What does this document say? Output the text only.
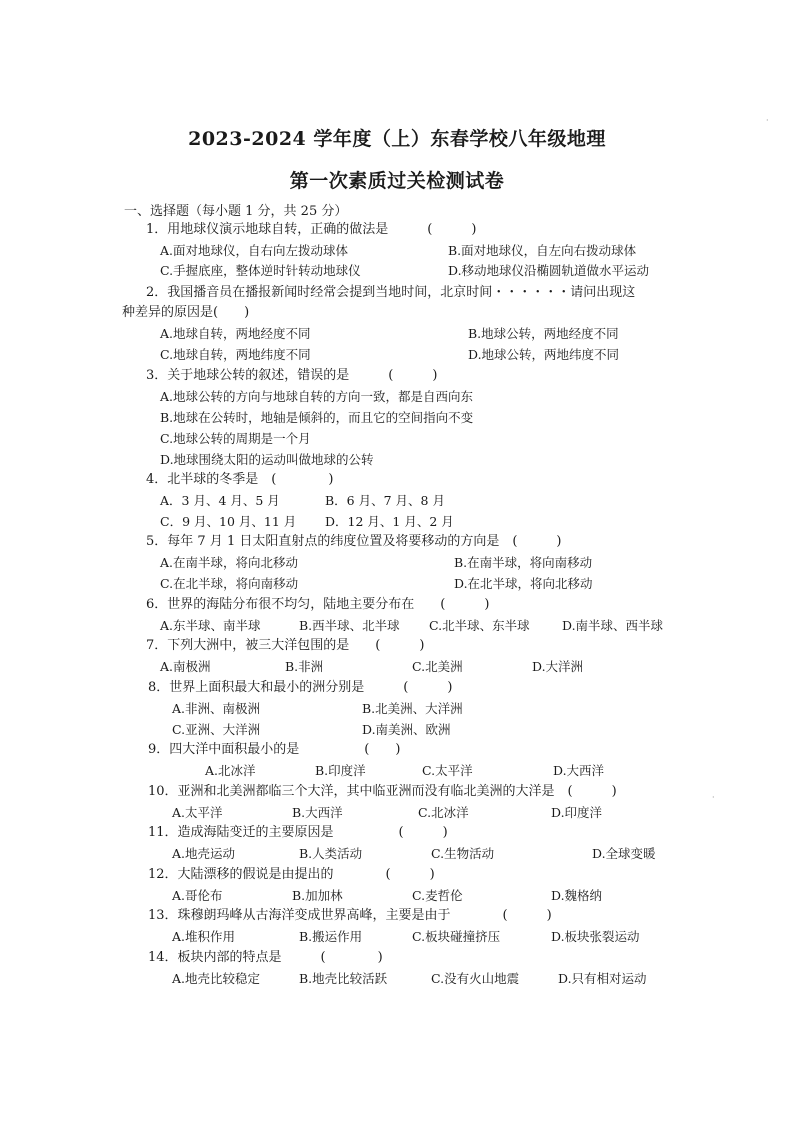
·
2023-2024 学年度（上）东春学校八年级地理
第一次素质过关检测试卷
一、选择题（每小题 1 分，共 25 分）
1．用地球仪演示地球自转，正确的做法是　　　(　　　)
A.面对地球仪，自右向左拨动球体	B.面对地球仪，自左向右拨动球体
C.手握底座，整体逆时针转动地球仪	D.移动地球仪沿椭圆轨道做水平运动
2．我国播音员在播报新闻时经常会提到当地时间，北京时间・・・・・・请问出现这
种差异的原因是(　　)
A.地球自转，两地经度不同	B.地球公转，两地经度不同
C.地球自转，两地纬度不同	D.地球公转，两地纬度不同
3．关于地球公转的叙述，错误的是　　　(　　　)
A.地球公转的方向与地球自转的方向一致，都是自西向东
B.地球在公转时，地轴是倾斜的，而且它的空间指向不变
C.地球公转的周期是一个月
D.地球围绕太阳的运动叫做地球的公转
4．北半球的冬季是　(　　　　)
A．3 月、4 月、5 月	B．6 月、7 月、8 月
C．9 月、10 月、11 月 D．12 月、1 月、2 月
5．每年 7 月 1 日太阳直射点的纬度位置及将要移动的方向是　(　　　)
A.在南半球，将向北移动	B.在南半球，将向南移动
C.在北半球，将向南移动	D.在北半球，将向北移动
6．世界的海陆分布很不均匀，陆地主要分布在　　(　　　)
A.东半球、南半球	B.西半球、北半球 C.北半球、东半球	D.南半球、西半球
7．下列大洲中，被三大洋包围的是　　(　　　)
A.南极洲	B.非洲	C.北美洲	D.大洋洲
8．世界上面积最大和最小的洲分别是　　　(　　　)
A.非洲、南极洲	B.北美洲、大洋洲
C.亚洲、大洋洲	D.南美洲、欧洲
9．四大洋中面积最小的是　　　　　(　　)
A.北冰洋	B.印度洋	C.太平洋	D.大西洋
10．亚洲和北美洲都临三个大洋，其中临亚洲而没有临北美洲的大洋是　(　　　)
A.太平洋	B.大西洋	C.北冰洋	D.印度洋
11．造成海陆变迁的主要原因是　　　　　(　　　)
A.地壳运动	B.人类活动	C.生物活动	D.全球变暖
12．大陆漂移的假说是由提出的　　　　(　　　)
A.哥伦布	B.加加林	C.麦哲伦	D.魏格纳
13．珠穆朗玛峰从古海洋变成世界高峰，主要是由于　　　　(　　　)
A.堆积作用	B.搬运作用	C.板块碰撞挤压	D.板块张裂运动
14．板块内部的特点是　　　(　　　　)
A.地壳比较稳定	B.地壳比较活跃	C.没有火山地震	D.只有相对运动
·
